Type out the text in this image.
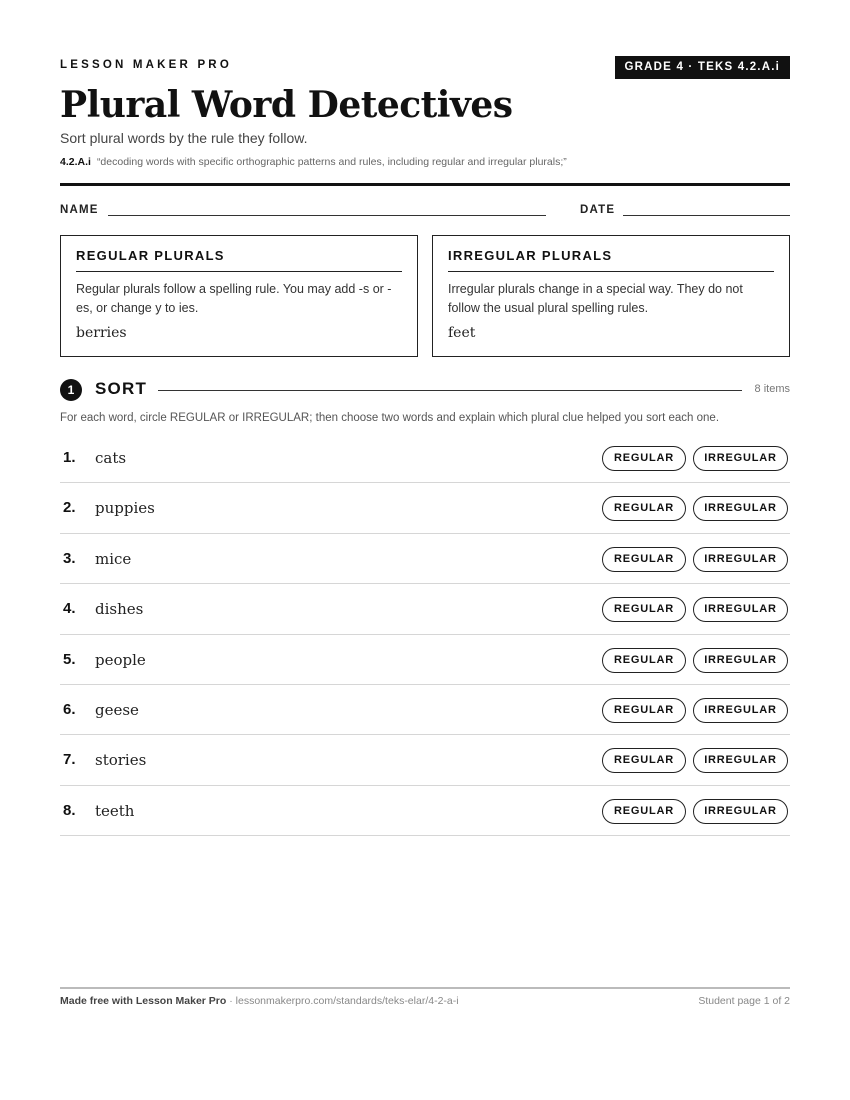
LESSON MAKER PRO	GRADE 4 · TEKS 4.2.A.i
Plural Word Detectives
Sort plural words by the rule they follow.
4.2.A.i “decoding words with specific orthographic patterns and rules, including regular and irregular plurals;”
NAME	DATE
REGULAR PLURALS

Regular plurals follow a spelling rule. You may add -s or -es, or change y to ies.

berries
IRREGULAR PLURALS

Irregular plurals change in a special way. They do not follow the usual plural spelling rules.

feet
1	SORT	8 items
For each word, circle REGULAR or IRREGULAR; then choose two words and explain which plural clue helped you sort each one.
1. cats	REGULAR	IRREGULAR
2. puppies	REGULAR	IRREGULAR
3. mice	REGULAR	IRREGULAR
4. dishes	REGULAR	IRREGULAR
5. people	REGULAR	IRREGULAR
6. geese	REGULAR	IRREGULAR
7. stories	REGULAR	IRREGULAR
8. teeth	REGULAR	IRREGULAR
Made free with Lesson Maker Pro · lessonmakerpro.com/standards/teks-elar/4-2-a-i	Student page 1 of 2
